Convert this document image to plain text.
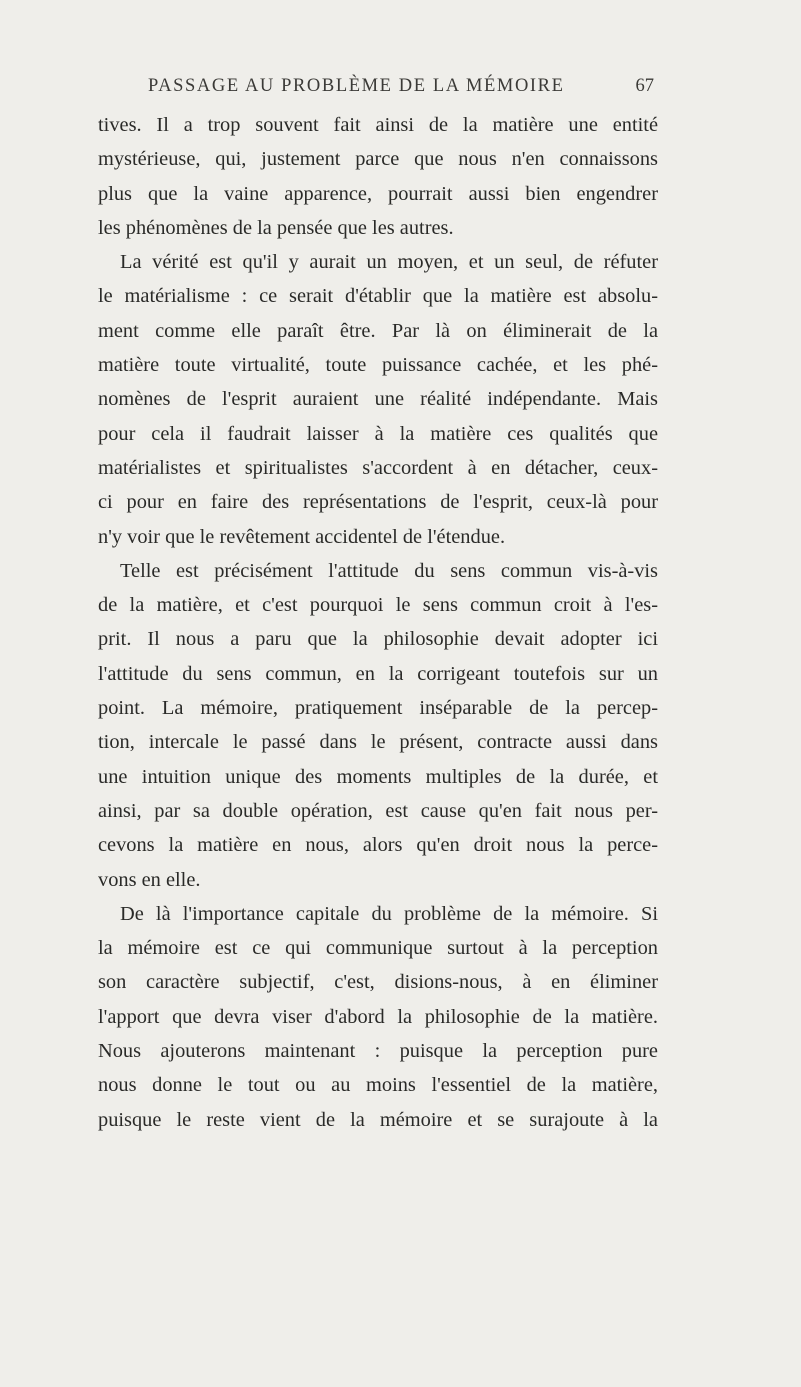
PASSAGE AU PROBLÈME DE LA MÉMOIRE	67
tives. Il a trop souvent fait ainsi de la matière une entité
mystérieuse, qui, justement parce que nous n'en connaissons
plus que la vaine apparence, pourrait aussi bien engendrer
les phénomènes de la pensée que les autres.
La vérité est qu'il y aurait un moyen, et un seul, de réfuter
le matérialisme : ce serait d'établir que la matière est absolu-
ment comme elle paraît être. Par là on éliminerait de la
matière toute virtualité, toute puissance cachée, et les phé-
nomènes de l'esprit auraient une réalité indépendante. Mais
pour cela il faudrait laisser à la matière ces qualités que
matérialistes et spiritualistes s'accordent à en détacher, ceux-
ci pour en faire des représentations de l'esprit, ceux-là pour
n'y voir que le revêtement accidentel de l'étendue.
Telle est précisément l'attitude du sens commun vis-à-vis
de la matière, et c'est pourquoi le sens commun croit à l'es-
prit. Il nous a paru que la philosophie devait adopter ici
l'attitude du sens commun, en la corrigeant toutefois sur un
point. La mémoire, pratiquement inséparable de la percep-
tion, intercale le passé dans le présent, contracte aussi dans
une intuition unique des moments multiples de la durée, et
ainsi, par sa double opération, est cause qu'en fait nous per-
cevons la matière en nous, alors qu'en droit nous la perce-
vons en elle.
De là l'importance capitale du problème de la mémoire. Si
la mémoire est ce qui communique surtout à la perception
son caractère subjectif, c'est, disions-nous, à en éliminer
l'apport que devra viser d'abord la philosophie de la matière.
Nous ajouterons maintenant : puisque la perception pure
nous donne le tout ou au moins l'essentiel de la matière,
puisque le reste vient de la mémoire et se surajoute à la
